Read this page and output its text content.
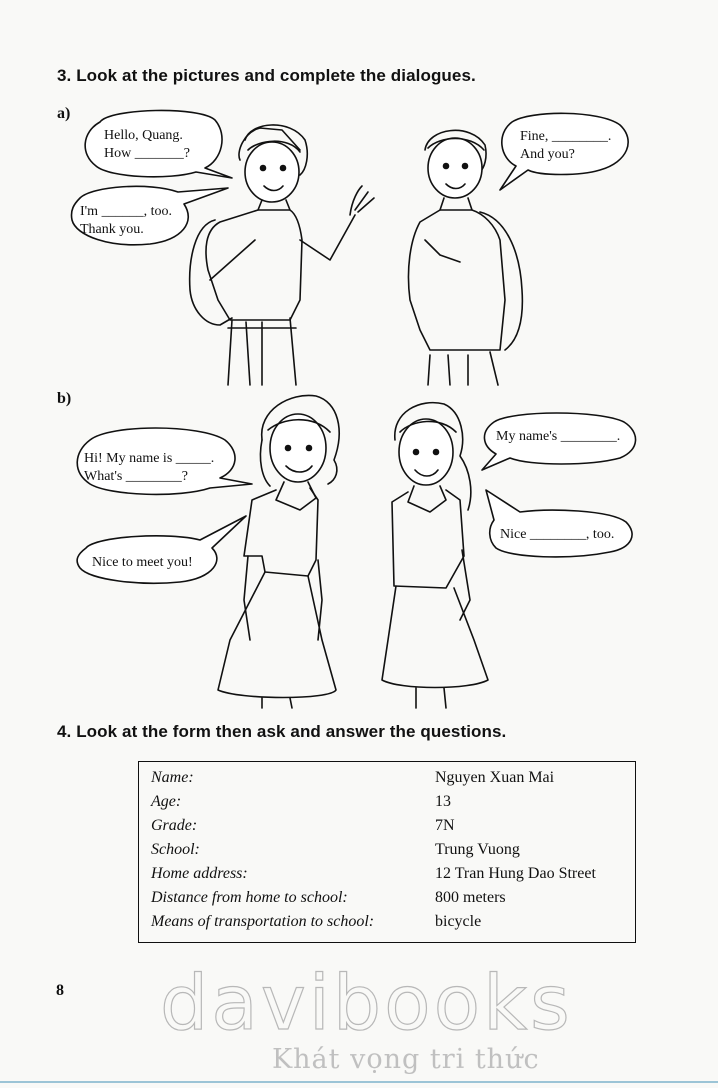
3. Look at the pictures and complete the dialogues.
a)
b)
Hello, Quang.
How _______?
I'm ______, too.
Thank you.
Fine, ________.
And you?
Hi! My name is _____.
What's ________?
Nice to meet you!
My name's ________.
Nice ________, too.
4. Look at the form then ask and answer the questions.
Name:	Nguyen Xuan Mai
Age:	13
Grade:	7N
School:	Trung Vuong
Home address:	12 Tran Hung Dao Street
Distance from home to school:	800 meters
Means of transportation to school:	bicycle
8 davibooks
Khát vọng tri thức
